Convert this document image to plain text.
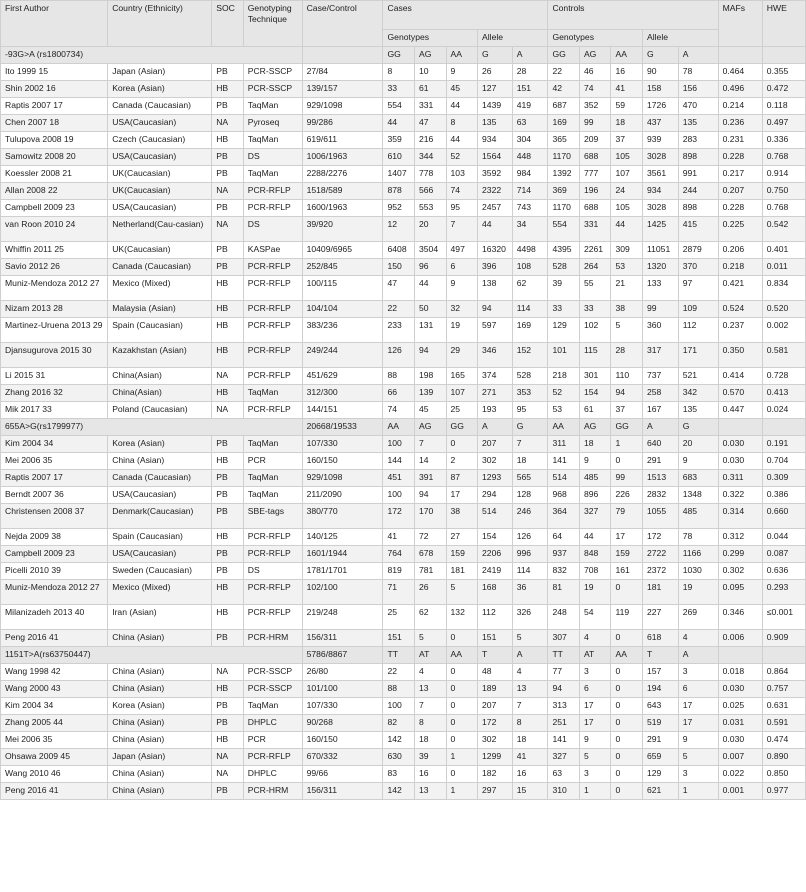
First Author	Country (Ethnicity)	SOC	Genotyping Technique	Case/Control	Cases					Controls					MAFs	HWE
					Genotypes			Allele		Genotypes			Allele			
-93G>A (rs1800734)					GG	AG	AA	G	A	GG	AG	AA	G	A		
Ito 1999 15	Japan (Asian)	PB	PCR-SSCP	27/84	8	10	9	26	28	22	46	16	90	78	0.464	0.355
Shin 2002 16	Korea (Asian)	HB	PCR-SSCP	139/157	33	61	45	127	151	42	74	41	158	156	0.496	0.472
Raptis 2007 17	Canada (Caucasian)	PB	TaqMan	929/1098	554	331	44	1439	419	687	352	59	1726	470	0.214	0.118
Chen 2007 18	USA(Caucasian)	NA	Pyroseq	99/286	44	47	8	135	63	169	99	18	437	135	0.236	0.497
Tulupova 2008 19	Czech (Caucasian)	HB	TaqMan	619/611	359	216	44	934	304	365	209	37	939	283	0.231	0.336
Samowitz 2008 20	USA(Caucasian)	PB	DS	1006/1963	610	344	52	1564	448	1170	688	105	3028	898	0.228	0.768
Koessler 2008 21	UK(Caucasian)	PB	TaqMan	2288/2276	1407	778	103	3592	984	1392	777	107	3561	991	0.217	0.914
Allan 2008 22	UK(Caucasian)	NA	PCR-RFLP	1518/589	878	566	74	2322	714	369	196	24	934	244	0.207	0.750
Campbell 2009 23	USA(Caucasian)	PB	PCR-RFLP	1600/1963	952	553	95	2457	743	1170	688	105	3028	898	0.228	0.768
van Roon 2010 24	Netherland(Cau-casian)	NA	DS	39/920	12	20	7	44	34	554	331	44	1425	415	0.225	0.542
Whiffin 2011 25	UK(Caucasian)	PB	KASPae	10409/6965	6408	3504	497	16320	4498	4395	2261	309	11051	2879	0.206	0.401
Savio 2012 26	Canada (Caucasian)	PB	PCR-RFLP	252/845	150	96	6	396	108	528	264	53	1320	370	0.218	0.011
Muniz-Mendoza 2012 27	Mexico (Mixed)	HB	PCR-RFLP	100/115	47	44	9	138	62	39	55	21	133	97	0.421	0.834
Nizam 2013 28	Malaysia (Asian)	HB	PCR-RFLP	104/104	22	50	32	94	114	33	33	38	99	109	0.524	0.520
Martinez-Uruena 2013 29	Spain (Caucasian)	HB	PCR-RFLP	383/236	233	131	19	597	169	129	102	5	360	112	0.237	0.002
Djansugurova 2015 30	Kazakhstan (Asian)	HB	PCR-RFLP	249/244	126	94	29	346	152	101	115	28	317	171	0.350	0.581
Li 2015 31	China(Asian)	NA	PCR-RFLP	451/629	88	198	165	374	528	218	301	110	737	521	0.414	0.728
Zhang 2016 32	China(Asian)	HB	TaqMan	312/300	66	139	107	271	353	52	154	94	258	342	0.570	0.413
Mik 2017 33	Poland (Caucasian)	NA	PCR-RFLP	144/151	74	45	25	193	95	53	61	37	167	135	0.447	0.024
655A>G(rs1799977)				20668/19533	AA	AG	GG	A	G	AA	AG	GG	A	G		
Kim 2004 34	Korea (Asian)	PB	TaqMan	107/330	100	7	0	207	7	311	18	1	640	20	0.030	0.191
Mei 2006 35	China (Asian)	HB	PCR	160/150	144	14	2	302	18	141	9	0	291	9	0.030	0.704
Raptis 2007 17	Canada (Caucasian)	PB	TaqMan	929/1098	451	391	87	1293	565	514	485	99	1513	683	0.311	0.309
Berndt 2007 36	USA(Caucasian)	PB	TaqMan	211/2090	100	94	17	294	128	968	896	226	2832	1348	0.322	0.386
Christensen 2008 37	Denmark(Caucasian)	PB	SBE-tags	380/770	172	170	38	514	246	364	327	79	1055	485	0.314	0.660
Nejda 2009 38	Spain (Caucasian)	HB	PCR-RFLP	140/125	41	72	27	154	126	64	44	17	172	78	0.312	0.044
Campbell 2009 23	USA(Caucasian)	PB	PCR-RFLP	1601/1944	764	678	159	2206	996	937	848	159	2722	1166	0.299	0.087
Picelli 2010 39	Sweden (Caucasian)	PB	DS	1781/1701	819	781	181	2419	114	832	708	161	2372	1030	0.302	0.636
Muniz-Mendoza 2012 27	Mexico (Mixed)	HB	PCR-RFLP	102/100	71	26	5	168	36	81	19	0	181	19	0.095	0.293
Milanizadeh 2013 40	Iran (Asian)	HB	PCR-RFLP	219/248	25	62	132	112	326	248	54	119	227	269	0.346	≤0.001
Peng 2016 41	China (Asian)	PB	PCR-HRM	156/311	151	5	0	151	5	307	4	0	618	4	0.006	0.909
1151T>A(rs63750447)				5786/8867	TT	AT	AA	T	A	TT	AT	AA	T	A		
Wang 1998 42	China (Asian)	NA	PCR-SSCP	26/80	22	4	0	48	4	77	3	0	157	3	0.018	0.864
Wang 2000 43	China (Asian)	HB	PCR-SSCP	101/100	88	13	0	189	13	94	6	0	194	6	0.030	0.757
Kim 2004 34	Korea (Asian)	PB	TaqMan	107/330	100	7	0	207	7	313	17	0	643	17	0.025	0.631
Zhang 2005 44	China (Asian)	PB	DHPLC	90/268	82	8	0	172	8	251	17	0	519	17	0.031	0.591
Mei 2006 35	China (Asian)	HB	PCR	160/150	142	18	0	302	18	141	9	0	291	9	0.030	0.474
Ohsawa 2009 45	Japan (Asian)	NA	PCR-RFLP	670/332	630	39	1	1299	41	327	5	0	659	5	0.007	0.890
Wang 2010 46	China (Asian)	NA	DHPLC	99/66	83	16	0	182	16	63	3	0	129	3	0.022	0.850
Peng 2016 41	China (Asian)	PB	PCR-HRM	156/311	142	13	1	297	15	310	1	0	621	1	0.001	0.977
